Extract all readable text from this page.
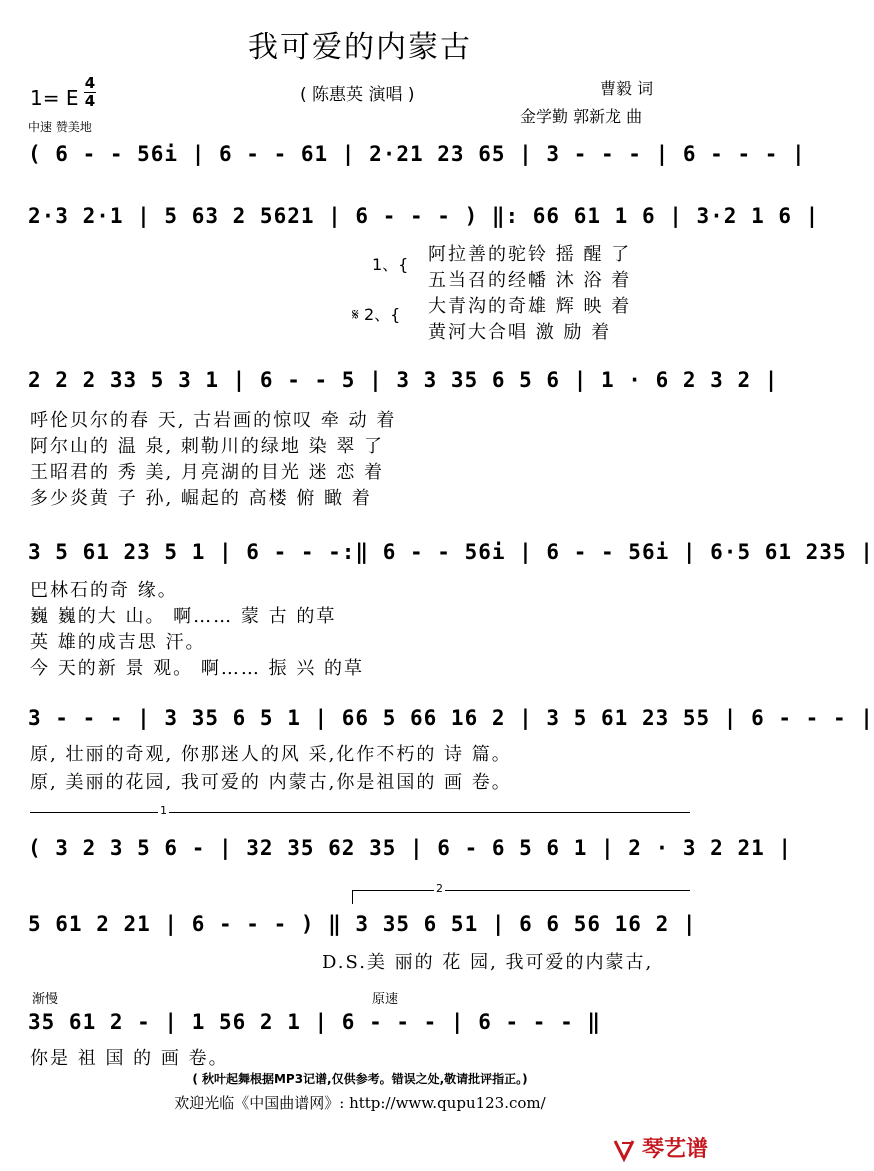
我可爱的内蒙古
( 陈惠英 演唱 )	曹毅 词
金学勤 郭新龙 曲
1= E
4
4
中速 赞美地
( 6 - - 56i | 6 - - 61 | 2·21 23 65 | 3 - - - | 6 - - - |
2·3 2·1 | 5 63 2 5621 | 6 - - - ) ‖: 66 61 1 6 | 3·2 1 6 |
1、{
𝄋 2、{
阿拉善的驼铃 摇 醒 了
五当召的经幡 沐 浴 着
大青沟的奇雄 辉 映 着
黄河大合唱 激 励 着
2 2 2 33 5 3 1 | 6 - - 5 | 3 3 35 6 5 6 | 1 · 6 2 3 2 |
呼伦贝尔的春 天, 古岩画的惊叹 牵 动 着
阿尔山的 温 泉, 刺勒川的绿地 染 翠 了
王昭君的 秀 美, 月亮湖的目光 迷 恋 着
多少炎黄 子 孙, 崛起的 高楼 俯 瞰 着
3 5 61 23 5 1 | 6 - - -:‖ 6 - - 56i | 6 - - 56i | 6·5 61 235 |
巴林石的奇 缘。
巍 巍的大 山。 啊…… 蒙 古 的草
英 雄的成吉思 汗。
今 天的新 景 观。 啊…… 振 兴 的草
3 - - - | 3 35 6 5 1 | 66 5 66 16 2 | 3 5 61 23 55 | 6 - - - |
原, 壮丽的奇观, 你那迷人的风 采,化作不朽的 诗 篇。
原, 美丽的花园, 我可爱的 内蒙古,你是祖国的 画 卷。
1
( 3 2 3 5 6 - | 32 35 62 35 | 6 - 6 5 6 1 | 2 · 3 2 21 |
2
5 61 2 21 | 6 - - - ) ‖ 3 35 6 51 | 6 6 56 16 2 |
D.S.美 丽的 花 园, 我可爱的内蒙古,
渐慢	原速
35 61 2 - | 1 56 2 1 | 6 - - - | 6 - - - ‖
你是 祖 国 的 画 卷。
( 秋叶起舞根据MP3记谱,仅供参考。错误之处,敬请批评指正。)
欢迎光临《中国曲谱网》: http://www.qupu123.com/
琴艺谱
